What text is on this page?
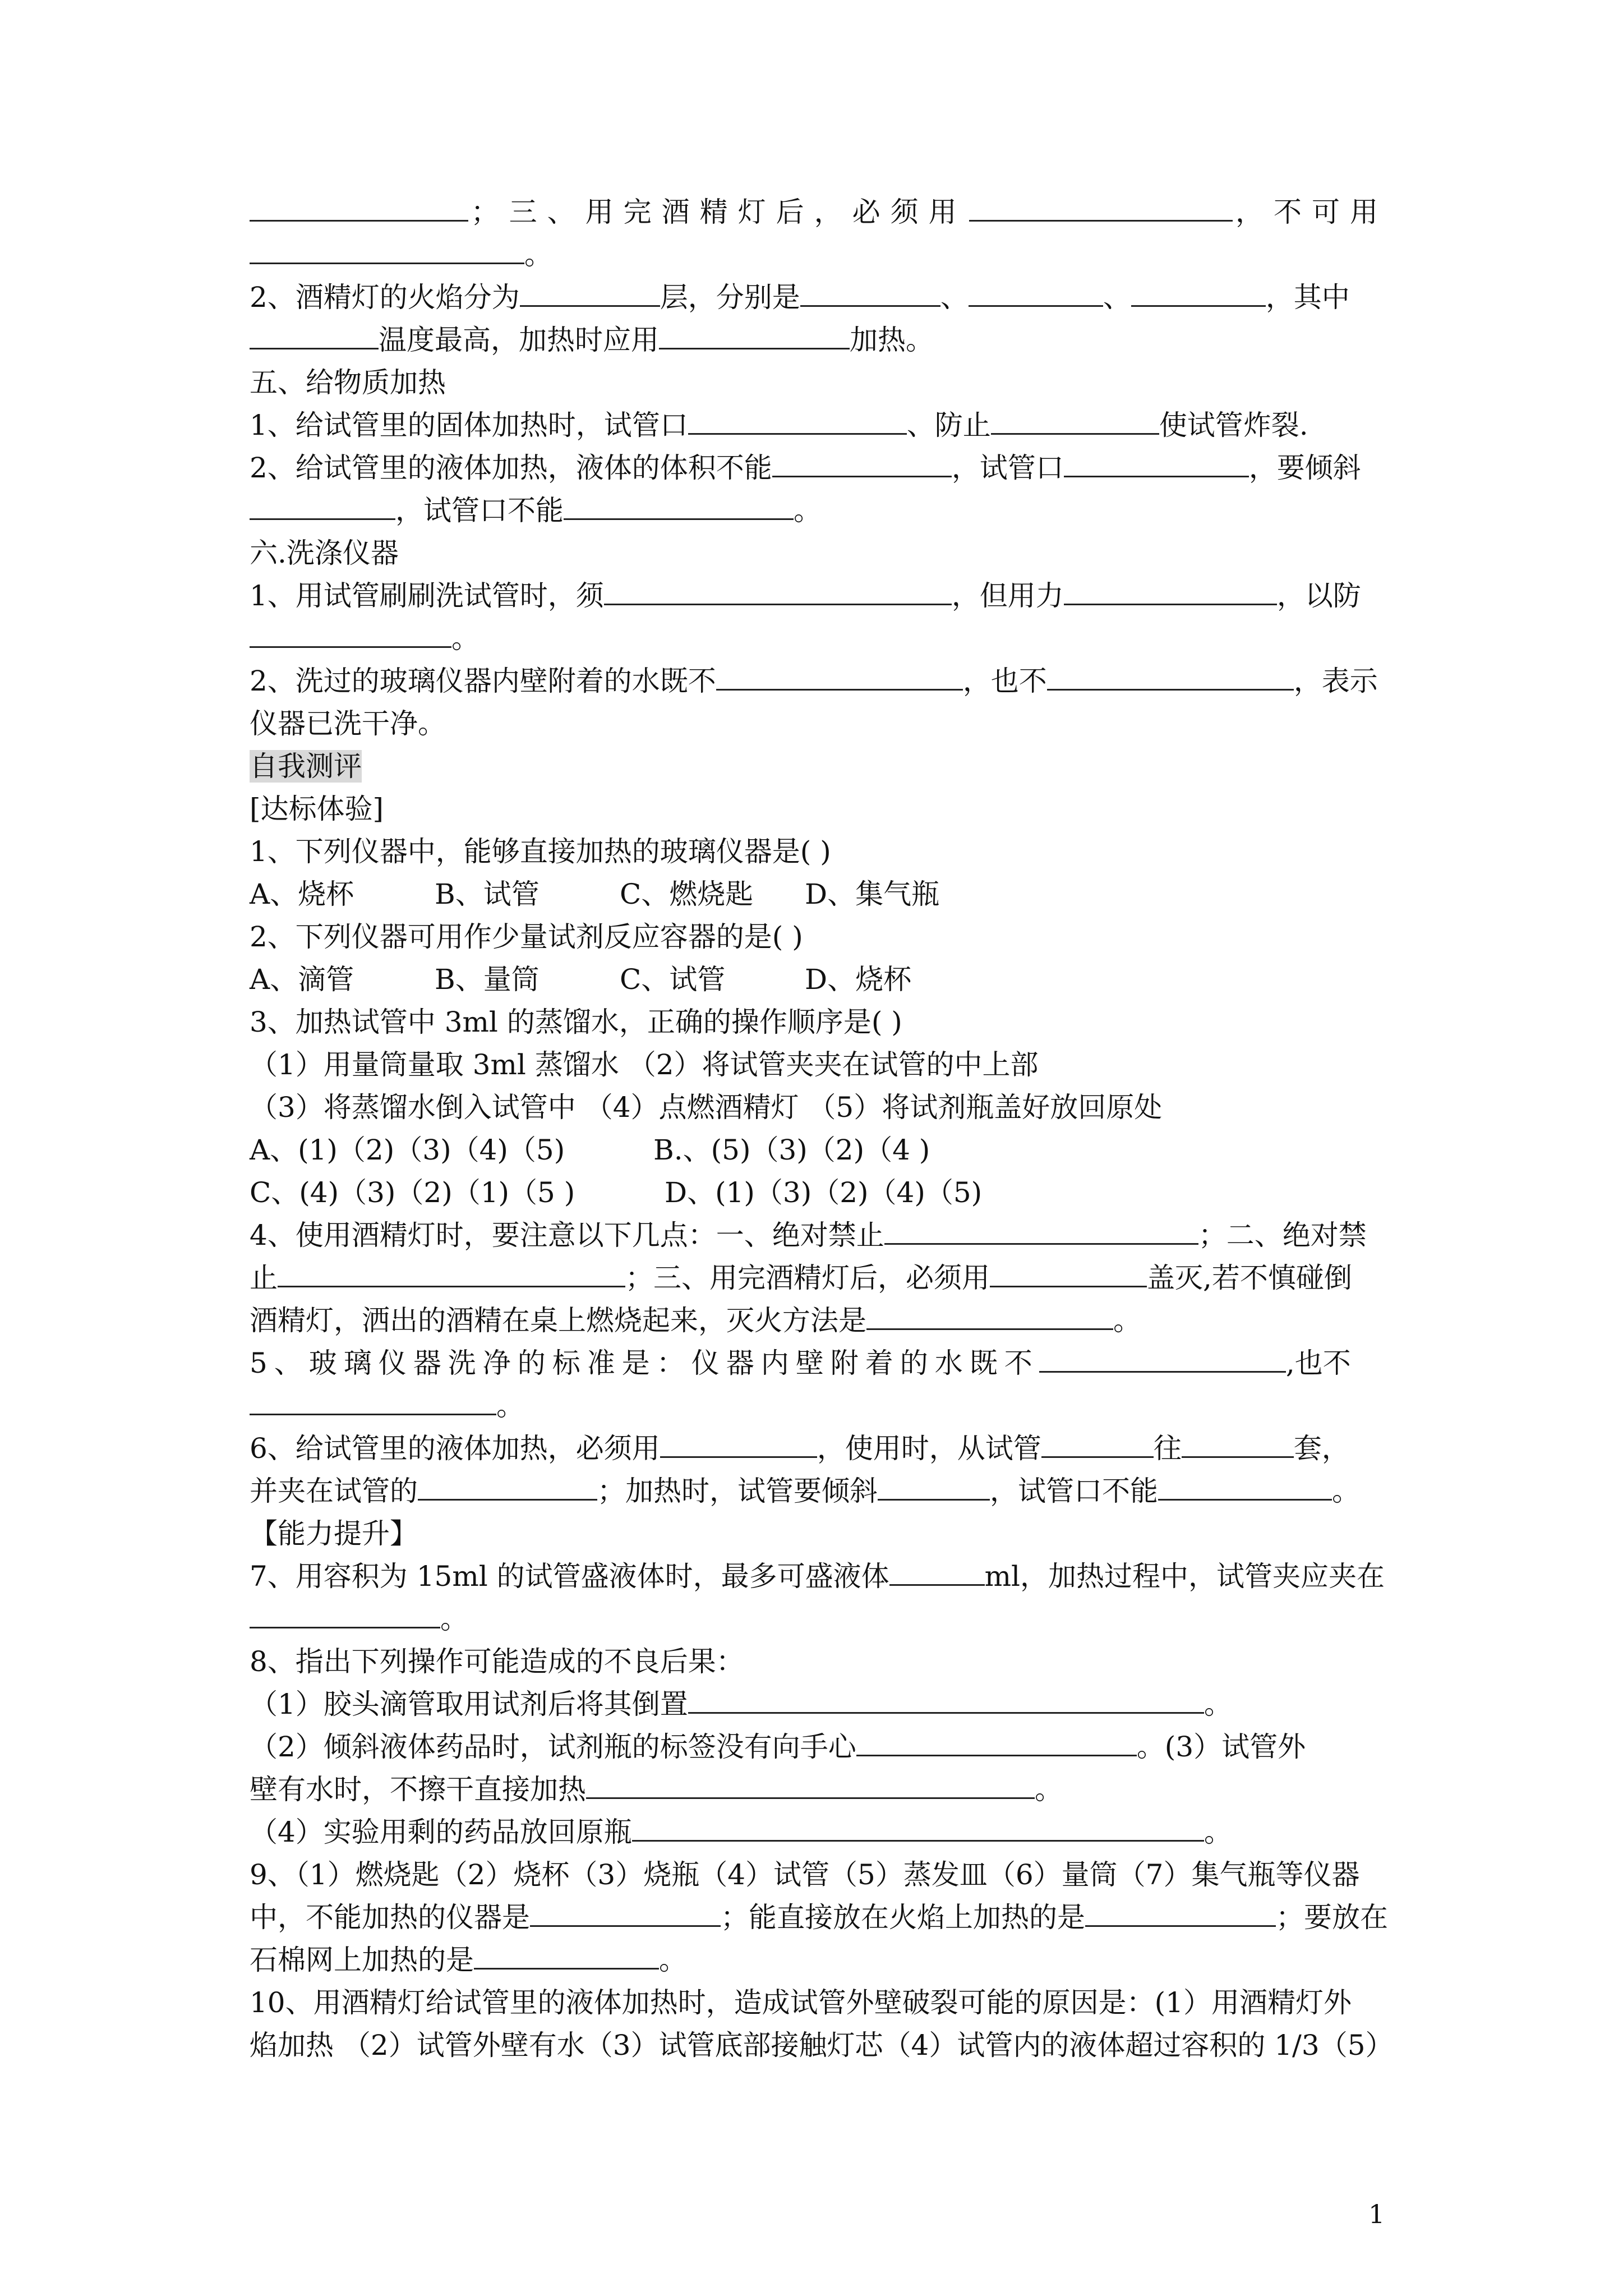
；三、用完酒精灯后，必须用	，不可用
。
2、酒精灯的火焰分为	层，分别是	、	、	，其中
温度最高，加热时应用	加热。
五、给物质加热
1、给试管里的固体加热时，试管口	、防止	使试管炸裂.
2、给试管里的液体加热，液体的体积不能	，试管口	，要倾斜
，试管口不能	。
六.洗涤仪器
1、用试管刷刷洗试管时，须	，但用力	，以防
。
2、洗过的玻璃仪器内壁附着的水既不	，也不	，表示
仪器已洗干净。
自我测评
[达标体验]
1、下列仪器中，能够直接加热的玻璃仪器是( )
A、烧杯	B、试管	C、燃烧匙 D、集气瓶
2、下列仪器可用作少量试剂反应容器的是( )
A、滴管	B、量筒	C、试管	D、烧杯
3、加热试管中 3ml 的蒸馏水，正确的操作顺序是( )
（1）用量筒量取 3ml 蒸馏水 （2）将试管夹夹在试管的中上部
（3）将蒸馏水倒入试管中 （4）点燃酒精灯 （5）将试剂瓶盖好放回原处
A、(1)（2)（3)（4)（5)	B.、(5)（3)（2)（4 )
C、(4)（3)（2)（1)（5 )	D、(1)（3)（2)（4)（5)
4、使用酒精灯时，要注意以下几点：一、绝对禁止	；二、绝对禁
止	；三、用完酒精灯后，必须用	盖灭,若不慎碰倒
酒精灯，洒出的酒精在桌上燃烧起来，灭火方法是	。
5、玻璃仪器洗净的标准是：仪器内壁附着的水既不	,也不
。
6、给试管里的液体加热，必须用	，使用时，从试管	往	套，
并夹在试管的	；加热时，试管要倾斜	，试管口不能	。
【能力提升】
7、用容积为 15ml 的试管盛液体时，最多可盛液体	ml，加热过程中，试管夹应夹在
。
8、指出下列操作可能造成的不良后果：
（1）胶头滴管取用试剂后将其倒置	。
（2）倾斜液体药品时，试剂瓶的标签没有向手心	。(3）试管外
壁有水时，不擦干直接加热	。
（4）实验用剩的药品放回原瓶	。
9、（1）燃烧匙（2）烧杯（3）烧瓶（4）试管（5）蒸发皿（6）量筒（7）集气瓶等仪器
中，不能加热的仪器是	；能直接放在火焰上加热的是	；要放在
石棉网上加热的是	。
10、用酒精灯给试管里的液体加热时，造成试管外壁破裂可能的原因是：(1）用酒精灯外
焰加热 （2）试管外壁有水（3）试管底部接触灯芯（4）试管内的液体超过容积的 1/3（5）
1
